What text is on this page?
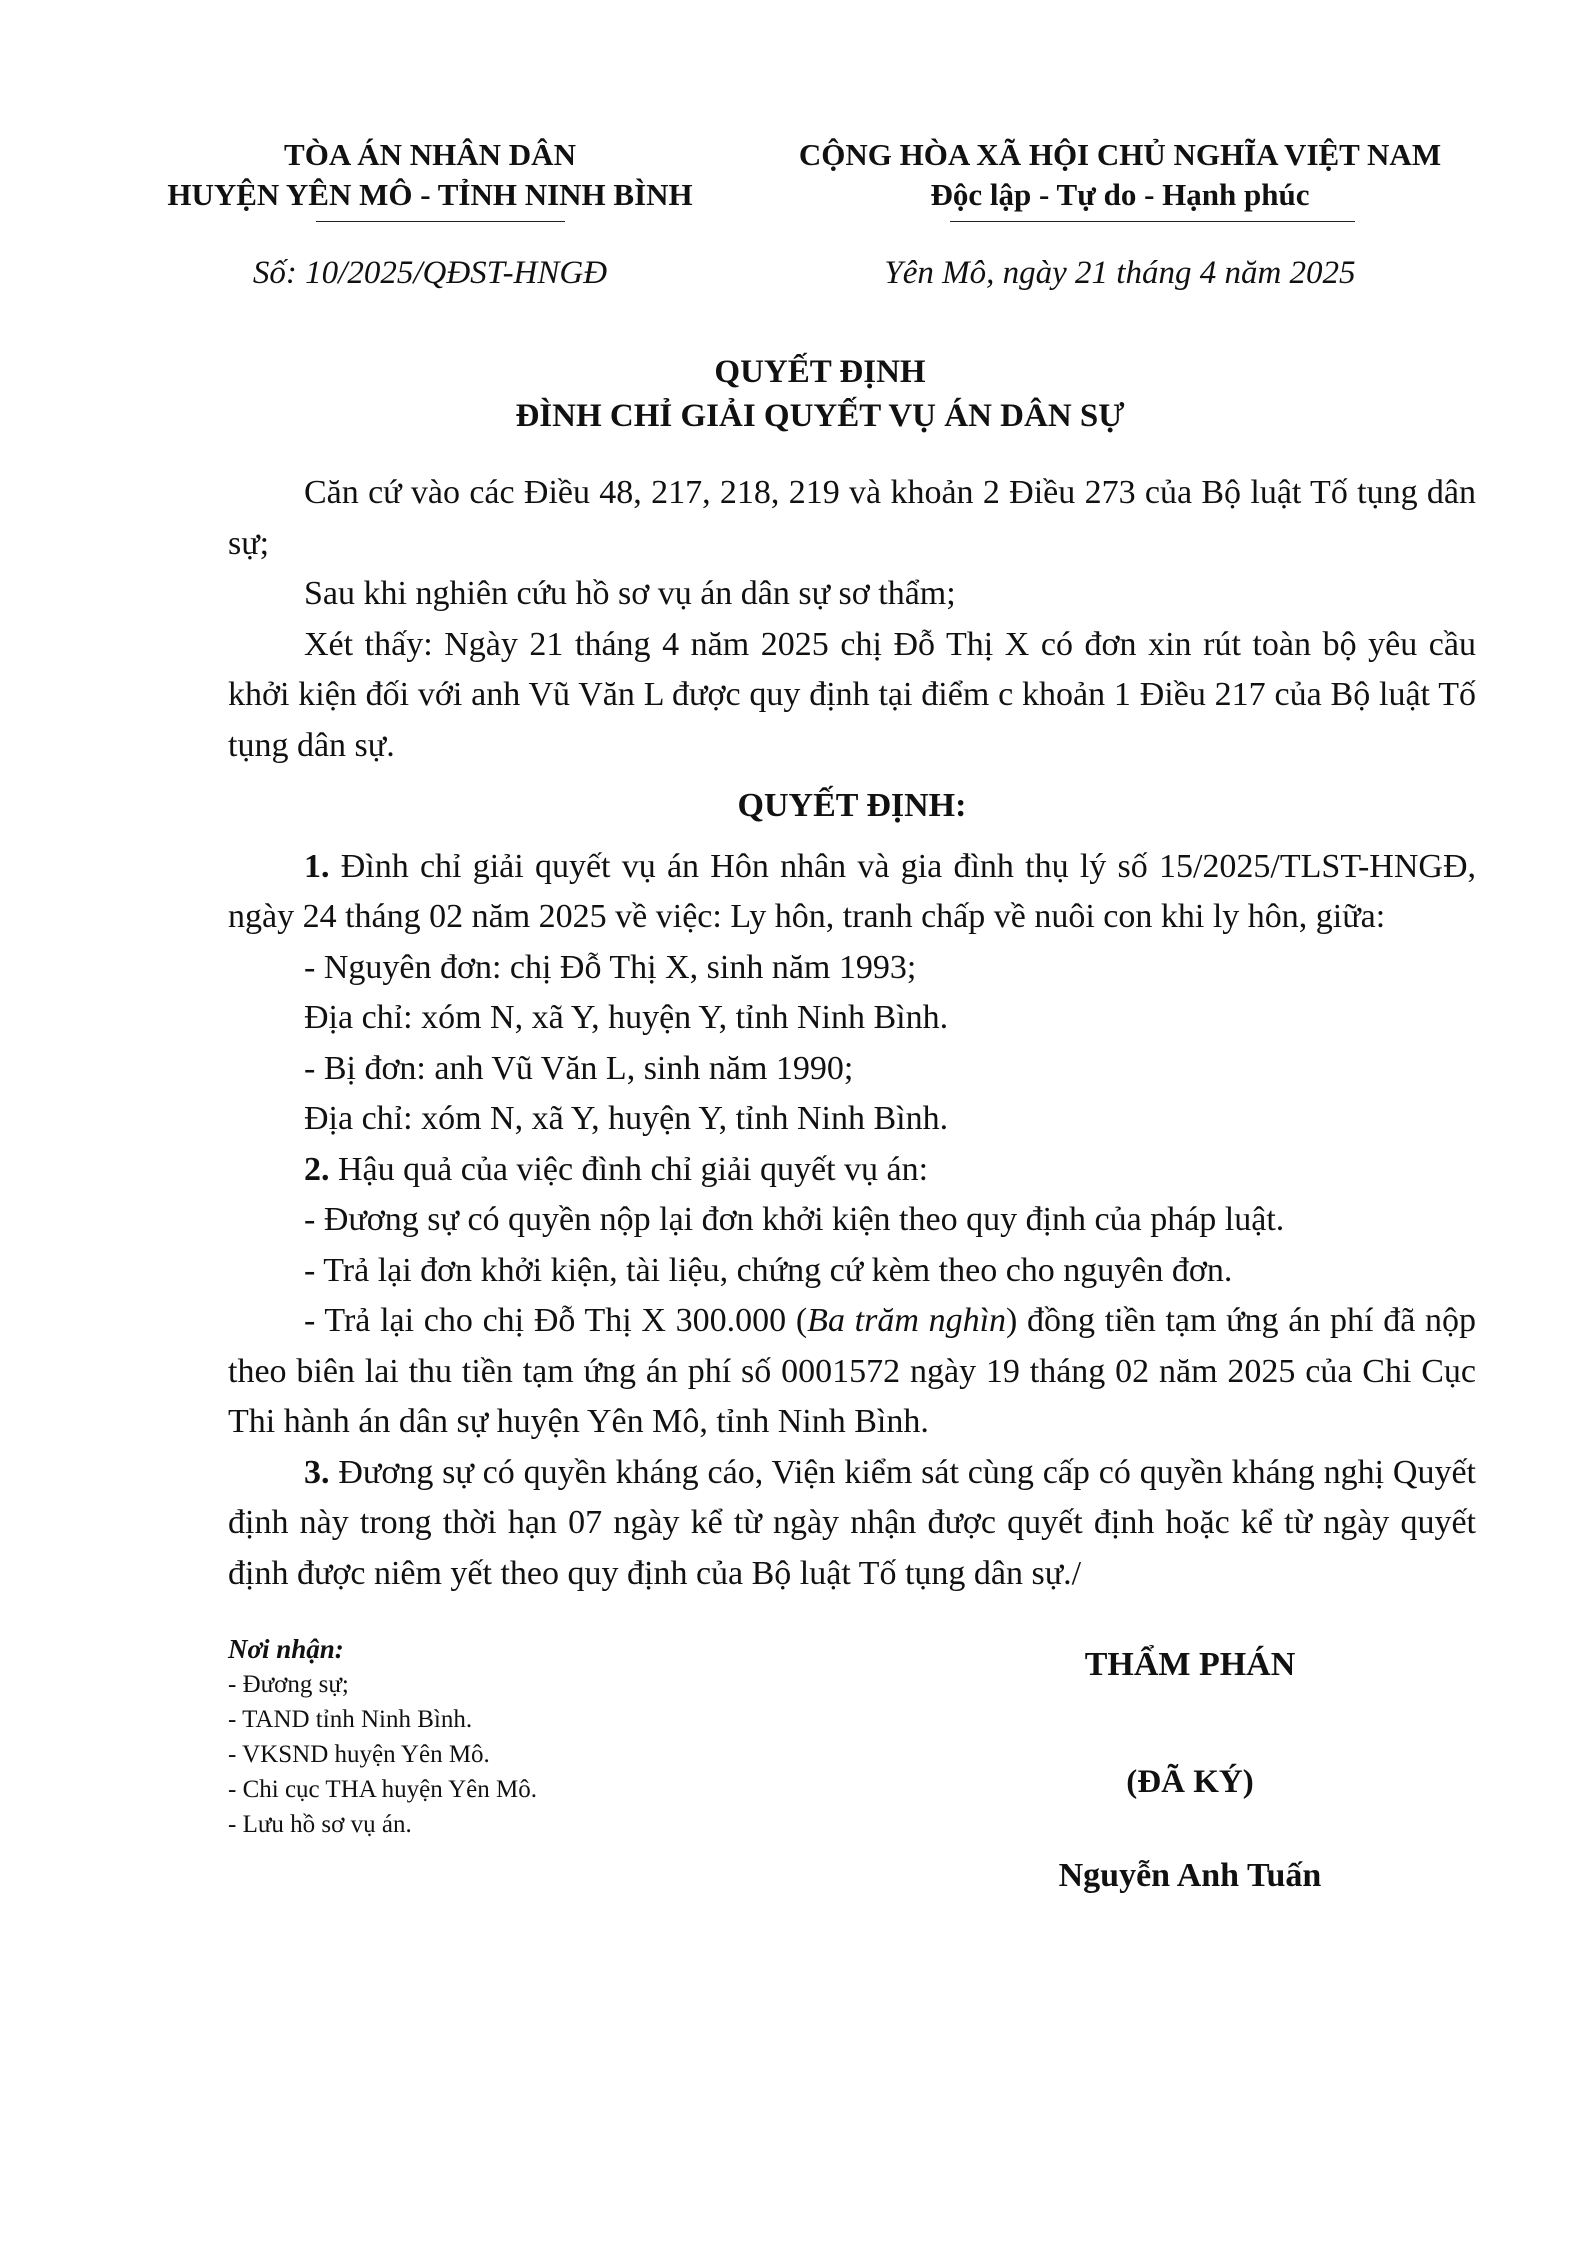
TÒA ÁN NHÂN DÂN
HUYỆN YÊN MÔ - TỈNH NINH BÌNH
CỘNG HÒA XÃ HỘI CHỦ NGHĨA VIỆT NAM
Độc lập - Tự do - Hạnh phúc
Số: 10/2025/QĐST-HNGĐ	Yên Mô, ngày 21 tháng 4 năm 2025
QUYẾT ĐỊNH
ĐÌNH CHỈ GIẢI QUYẾT VỤ ÁN DÂN SỰ

Căn cứ vào các Điều 48, 217, 218, 219 và khoản 2 Điều 273 của Bộ luật Tố tụng dân sự;

Sau khi nghiên cứu hồ sơ vụ án dân sự sơ thẩm;

Xét thấy: Ngày 21 tháng 4 năm 2025 chị Đỗ Thị X có đơn xin rút toàn bộ yêu cầu khởi kiện đối với anh Vũ Văn L được quy định tại điểm c khoản 1 Điều 217 của Bộ luật Tố tụng dân sự.

QUYẾT ĐỊNH:

1. Đình chỉ giải quyết vụ án Hôn nhân và gia đình thụ lý số 15/2025/TLST-HNGĐ, ngày 24 tháng 02 năm 2025 về việc: Ly hôn, tranh chấp về nuôi con khi ly hôn, giữa:

- Nguyên đơn: chị Đỗ Thị X, sinh năm 1993;

Địa chỉ: xóm N, xã Y, huyện Y, tỉnh Ninh Bình.

- Bị đơn: anh Vũ Văn L, sinh năm 1990;

Địa chỉ: xóm N, xã Y, huyện Y, tỉnh Ninh Bình.

2. Hậu quả của việc đình chỉ giải quyết vụ án:

- Đương sự có quyền nộp lại đơn khởi kiện theo quy định của pháp luật.

- Trả lại đơn khởi kiện, tài liệu, chứng cứ kèm theo cho nguyên đơn.

- Trả lại cho chị Đỗ Thị X 300.000 (Ba trăm nghìn) đồng tiền tạm ứng án phí đã nộp theo biên lai thu tiền tạm ứng án phí số 0001572 ngày 19 tháng 02 năm 2025 của Chi Cục Thi hành án dân sự huyện Yên Mô, tỉnh Ninh Bình.

3. Đương sự có quyền kháng cáo, Viện kiểm sát cùng cấp có quyền kháng nghị Quyết định này trong thời hạn 07 ngày kể từ ngày nhận được quyết định hoặc kể từ ngày quyết định được niêm yết theo quy định của Bộ luật Tố tụng dân sự./

Nơi nhận:
- Đương sự;
- TAND tỉnh Ninh Bình.
- VKSND huyện Yên Mô.
- Chi cục THA huyện Yên Mô.
- Lưu hồ sơ vụ án.
THẨM PHÁN
(ĐÃ KÝ)
Nguyễn Anh Tuấn
